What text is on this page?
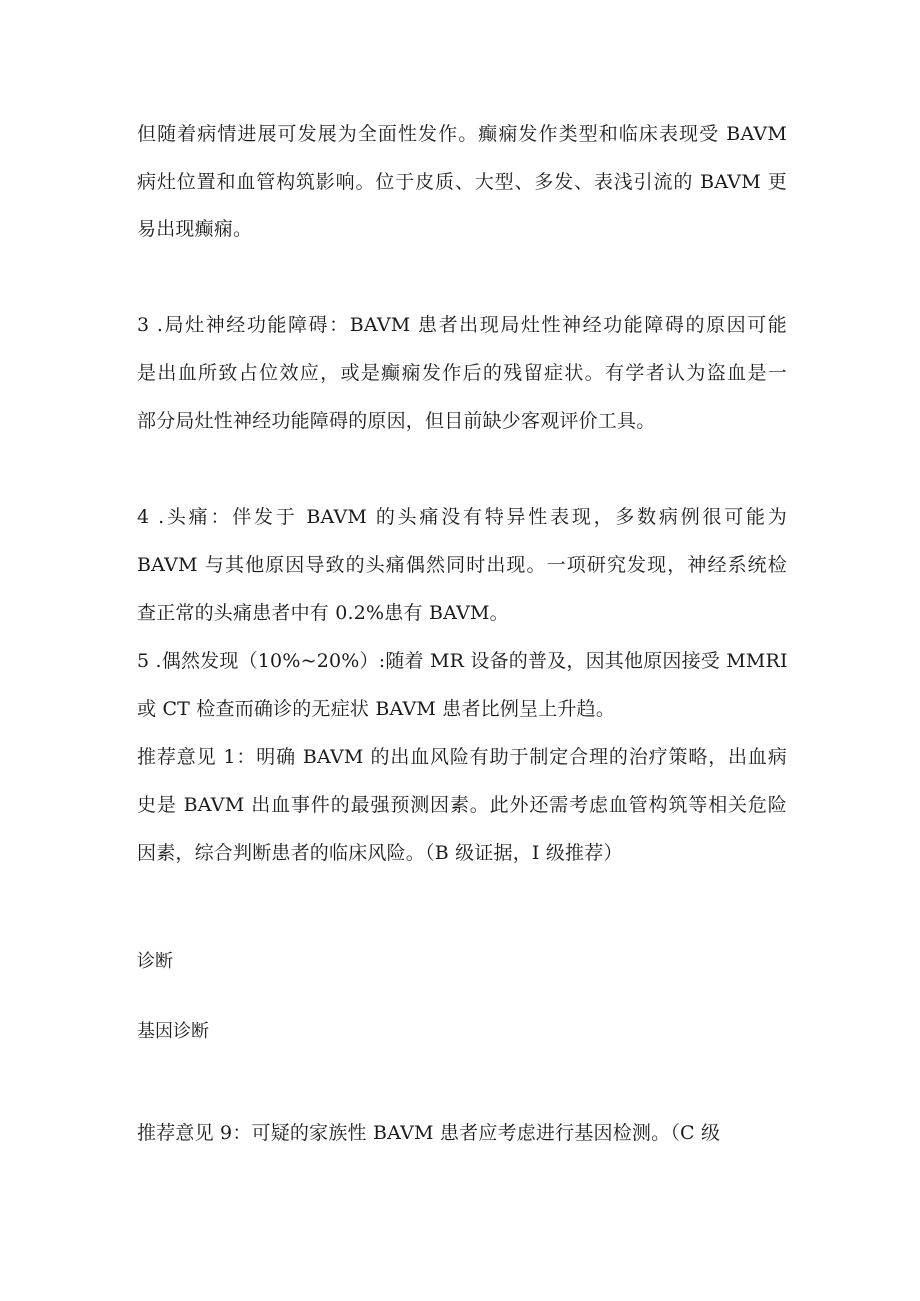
但随着病情进展可发展为全面性发作。癫痫发作类型和临床表现受 BAVM
病灶位置和血管构筑影响。位于皮质、大型、多发、表浅引流的 BAVM 更
易出现癫痫。
3 .局灶神经功能障碍：BAVM 患者出现局灶性神经功能障碍的原因可能
是出血所致占位效应，或是癫痫发作后的残留症状。有学者认为盗血是一
部分局灶性神经功能障碍的原因，但目前缺少客观评价工具。
4 .头痛：伴发于 BAVM 的头痛没有特异性表现，多数病例很可能为
BAVM 与其他原因导致的头痛偶然同时出现。一项研究发现，神经系统检
查正常的头痛患者中有 0.2%患有 BAVM。
5 .偶然发现（10%~20%）:随着 MR 设备的普及，因其他原因接受 MMRI
或 CT 检查而确诊的无症状 BAVM 患者比例呈上升趋。
推荐意见 1：明确 BAVM 的出血风险有助于制定合理的治疗策略，出血病
史是 BAVM 出血事件的最强预测因素。此外还需考虑血管构筑等相关危险
因素，综合判断患者的临床风险。（B 级证据，I 级推荐）
诊断
基因诊断
推荐意见 9：可疑的家族性 BAVM 患者应考虑进行基因检测。（C 级
